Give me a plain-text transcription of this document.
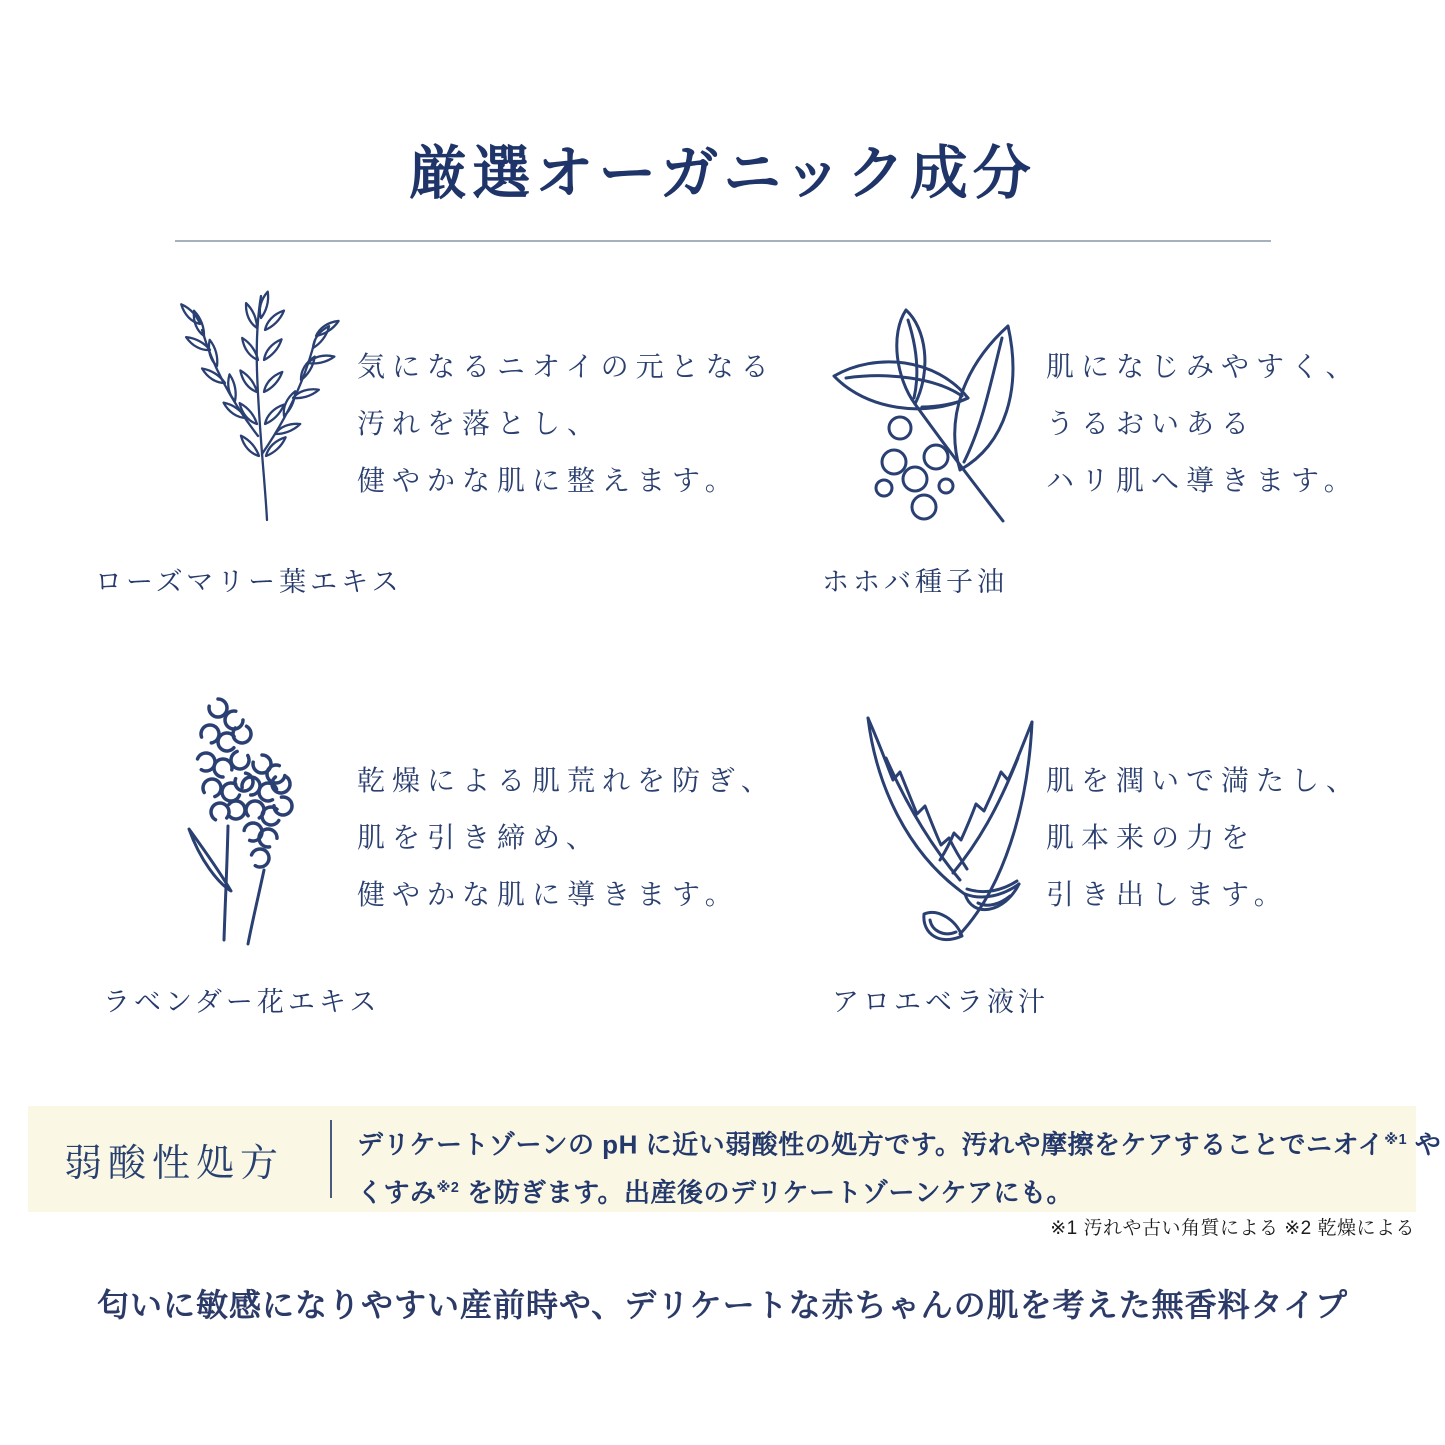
厳選オーガニック成分
気になるニオイの元となる
汚れを落とし、
健やかな肌に整えます。
ローズマリー葉エキス
肌になじみやすく、
うるおいある
ハリ肌へ導きます。
ホホバ種子油
乾燥による肌荒れを防ぎ、
肌を引き締め、
健やかな肌に導きます。
ラベンダー花エキス
肌を潤いで満たし、
肌本来の力を
引き出します。
アロエベラ液汁
弱酸性処方	デリケートゾーンの pH に近い弱酸性の処方です。汚れや摩擦をケアすることでニオイ$^{※1}$ や
くすみ$^{※2}$ を防ぎます。出産後のデリケートゾーンケアにも。
※1 汚れや古い角質による ※2 乾燥による
匂いに敏感になりやすい産前時や、デリケートな赤ちゃんの肌を考えた無香料タイプ
